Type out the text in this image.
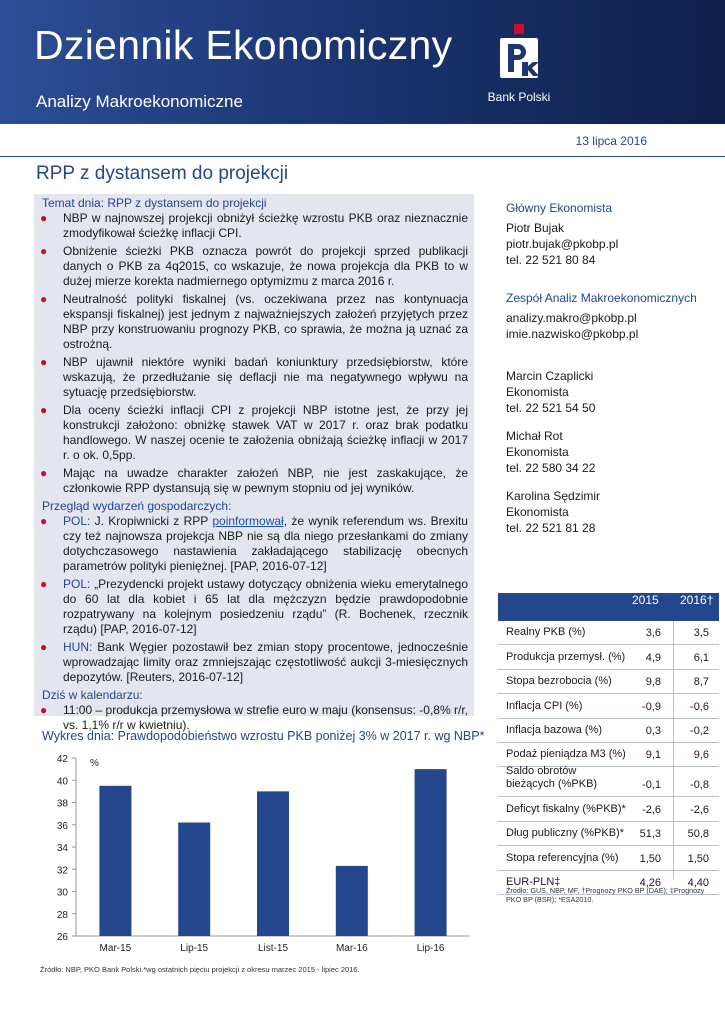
Dziennik Ekonomiczny
Analizy Makroekonomiczne	Bank Polski
13 lipca 2016
RPP z dystansem do projekcji
Temat dnia: RPP z dystansem do projekcji
● NBP w najnowszej projekcji obniżył ścieżkę wzrostu PKB oraz nieznacznie zmodyfikował ścieżkę inflacji CPI.
● Obniżenie ścieżki PKB oznacza powrót do projekcji sprzed publikacji danych o PKB za 4q2015, co wskazuje, że nowa projekcja dla PKB to w dużej mierze korekta nadmiernego optymizmu z marca 2016 r.
● Neutralność polityki fiskalnej (vs. oczekiwana przez nas kontynuacja ekspansji fiskalnej) jest jednym z najważniejszych założeń przyjętych przez NBP przy konstruowaniu prognozy PKB, co sprawia, że można ją uznać za ostrożną.
● NBP ujawnił niektóre wyniki badań koniunktury przedsiębiorstw, które wskazują, że przedłużanie się deflacji nie ma negatywnego wpływu na sytuację przedsiębiorstw.
● Dla oceny ścieżki inflacji CPI z projekcji NBP istotne jest, że przy jej konstrukcji założono: obniżkę stawek VAT w 2017 r. oraz brak podatku handlowego. W naszej ocenie te założenia obniżają ścieżkę inflacji w 2017 r. o ok. 0,5pp.
● Mając na uwadze charakter założeń NBP, nie jest zaskakujące, że członkowie RPP dystansują się w pewnym stopniu od jej wyników.
Przegląd wydarzeń gospodarczych:
● POL: J. Kropiwnicki z RPP poinformował, że wynik referendum ws. Brexitu czy też najnowsza projekcja NBP nie są dla niego przesłankami do zmiany dotychczasowego nastawienia zakładającego stabilizację obecnych parametrów polityki pieniężnej. [PAP, 2016-07-12]
● POL: „Prezydencki projekt ustawy dotyczący obniżenia wieku emerytalnego do 60 lat dla kobiet i 65 lat dla mężczyzn będzie prawdopodobnie rozpatrywany na kolejnym posiedzeniu rządu” (R. Bochenek, rzecznik rządu) [PAP, 2016-07-12]
● HUN: Bank Węgier pozostawił bez zmian stopy procentowe, jednocześnie wprowadzając limity oraz zmniejszając częstotliwość aukcji 3-miesięcznych depozytów. [Reuters, 2016-07-12]
Dziś w kalendarzu:
● 11:00 – produkcja przemysłowa w strefie euro w maju (konsensus: -0,8% r/r, vs. 1,1% r/r w kwietniu).
Główny Ekonomista
Piotr Bujak
piotr.bujak@pkobp.pl
tel. 22 521 80 84
Zespół Analiz Makroekonomicznych
analizy.makro@pkobp.pl
imie.nazwisko@pkobp.pl
Marcin Czaplicki
Ekonomista
tel. 22 521 54 50
Michał Rot
Ekonomista
tel. 22 580 34 22
Karolina Sędzimir
Ekonomista
tel. 22 521 81 28
2015 2016†
Realny PKB (%)	3,6	3,5
Produkcja przemysł. (%) 4,9	6,1
Stopa bezrobocia (%)	9,8	8,7
Inflacja CPI (%)	-0,9	-0,6
Inflacja bazowa (%)	0,3	-0,2
Podaż pieniądza M3 (%) 9,1	9,6
Saldo obrotów
bieżących (%PKB)	-0,1	-0,8
Deficyt fiskalny (%PKB)* -2,6	-2,6
Dług publiczny (%PKB)* 51,3 50,8
Stopa referencyjna (%) 1,50 1,50
EUR-PLN‡	4,26 4,40
Źródło: GUS, NBP, MF, †Prognozy PKO BP (DAE); ‡Prognozy PKO BP (BSR); *ESA2010.
Wykres dnia: Prawdopodobieństwo wzrostu PKB poniżej 3% w 2017 r. wg NBP*
26
28
30
32
34
36
38
40
42 %
Mar-15	Lip-15	List-15	Mar-16	Lip-16
Źródło: NBP, PKO Bank Polski.*wg ostatnich pięciu projekcji z okresu marzec 2015 - lipiec 2016.
